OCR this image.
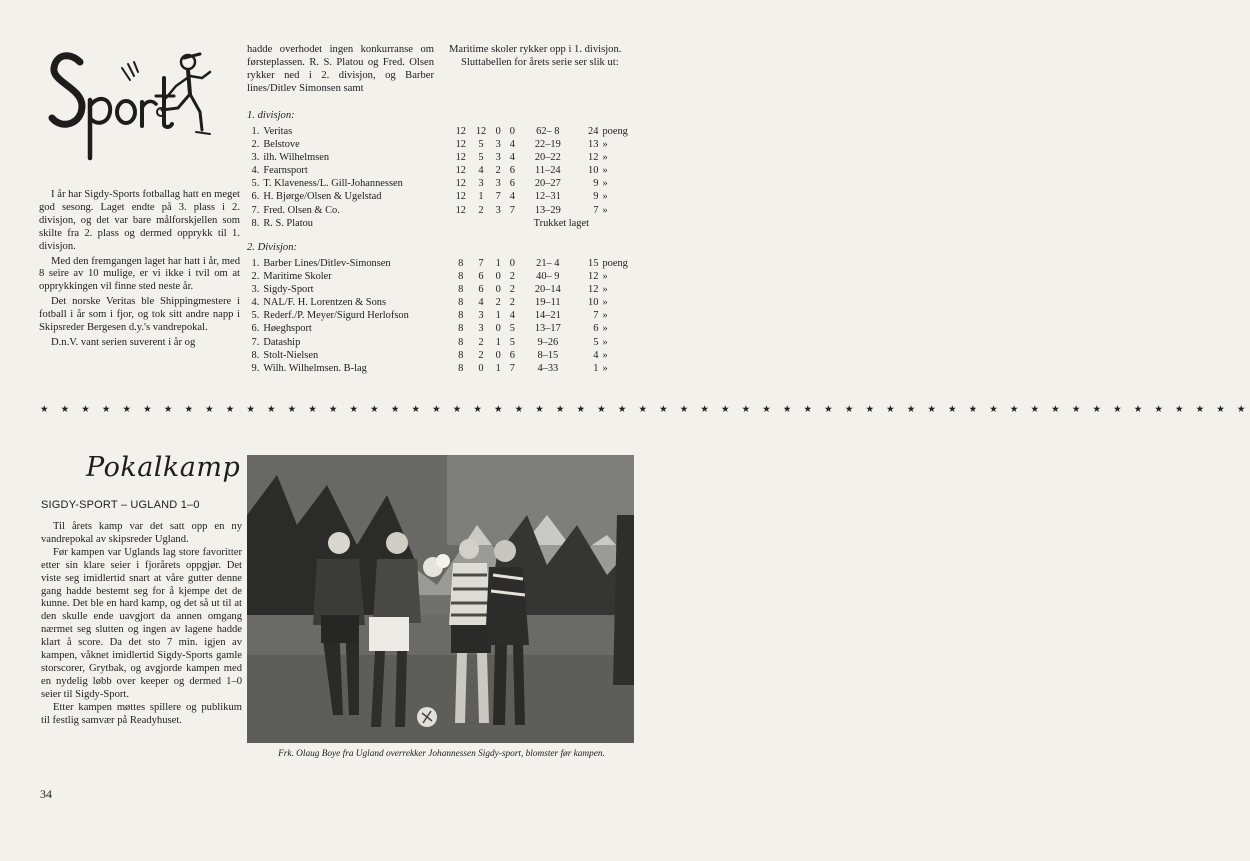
I år har Sigdy-Sports fotballag hatt en meget god sesong. Laget endte på 3. plass i 2. divisjon, og det var bare målforskjellen som skilte fra 2. plass og dermed opprykk til 1. divisjon.

Med den fremgangen laget har hatt i år, med 8 seire av 10 mulige, er vi ikke i tvil om at opprykkingen vil finne sted neste år.

Det norske Veritas ble Shippingmestere i fotball i år som i fjor, og tok sitt andre napp i Skipsreder Bergesen d.y.'s vandrepokal.

D.n.V. vant serien suverent i år og

hadde overhodet ingen konkurranse om førsteplassen. R. S. Platou og Fred. Olsen rykker ned i 2. divisjon, og Barber lines/Ditlev Simonsen samt

Maritime skoler rykker opp i 1. divisjon.

Sluttabellen for årets serie ser slik ut:

1. divisjon:
1.	Veritas	12	12	0	0	62– 8	24	poeng
2.	Belstove	12	5	3	4	22–19	13	»
3.	ilh. Wilhelmsen	12	5	3	4	20–22	12	»
4.	Fearnsport	12	4	2	6	11–24	10	»
5.	T. Klaveness/L. Gill-Johannessen	12	3	3	6	20–27	9	»
6.	H. Bjørge/Olsen & Ugelstad	12	1	7	4	12–31	9	»
7.	Fred. Olsen & Co.	12	2	3	7	13–29	7	»
8.	R. S. Platou	Trukket laget						
2. Divisjon:
1.	Barber Lines/Ditlev-Simonsen	8	7	1	0	21– 4	15	poeng
2.	Maritime Skoler	8	6	0	2	40– 9	12	»
3.	Sigdy-Sport	8	6	0	2	20–14	12	»
4.	NAL/F. H. Lorentzen & Sons	8	4	2	2	19–11	10	»
5.	Rederf./P. Meyer/Sigurd Herlofson	8	3	1	4	14–21	7	»
6.	Høeghsport	8	3	0	5	13–17	6	»
7.	Dataship	8	2	1	5	9–26	5	»
8.	Stolt-Nielsen	8	2	0	6	8–15	4	»
9.	Wilh. Wilhelmsen. B-lag	8	0	1	7	4–33	1	»
★ ★ ★ ★ ★ ★ ★ ★ ★ ★ ★ ★ ★ ★ ★ ★ ★ ★ ★ ★ ★ ★ ★ ★ ★ ★ ★ ★ ★ ★ ★ ★ ★ ★ ★ ★ ★ ★ ★ ★ ★ ★ ★ ★ ★ ★ ★ ★ ★ ★ ★ ★ ★ ★ ★ ★ ★ ★ ★
Pokalkamp
SIGDY-SPORT – UGLAND 1–0

Til årets kamp var det satt opp en ny vandrepokal av skipsreder Ugland.

Før kampen var Uglands lag store favoritter etter sin klare seier i fjorårets oppgjør. Det viste seg imidlertid snart at våre gutter denne gang hadde bestemt seg for å kjempe det de kunne. Det ble en hard kamp, og det så ut til at den skulle ende uavgjort da annen omgang nærmet seg slutten og ingen av lagene hadde klart å score. Da det sto 7 min. igjen av kampen, våknet imidlertid Sigdy-Sports gamle storscorer, Grytbak, og avgjorde kampen med en nydelig løbb over keeper og dermed 1–0 seier til Sigdy-Sport.

Etter kampen møttes spillere og publikum til festlig samvær på Readyhuset.

Frk. Olaug Boye fra Ugland overrekker Johannessen Sigdy-sport, blomster før kampen.
34
